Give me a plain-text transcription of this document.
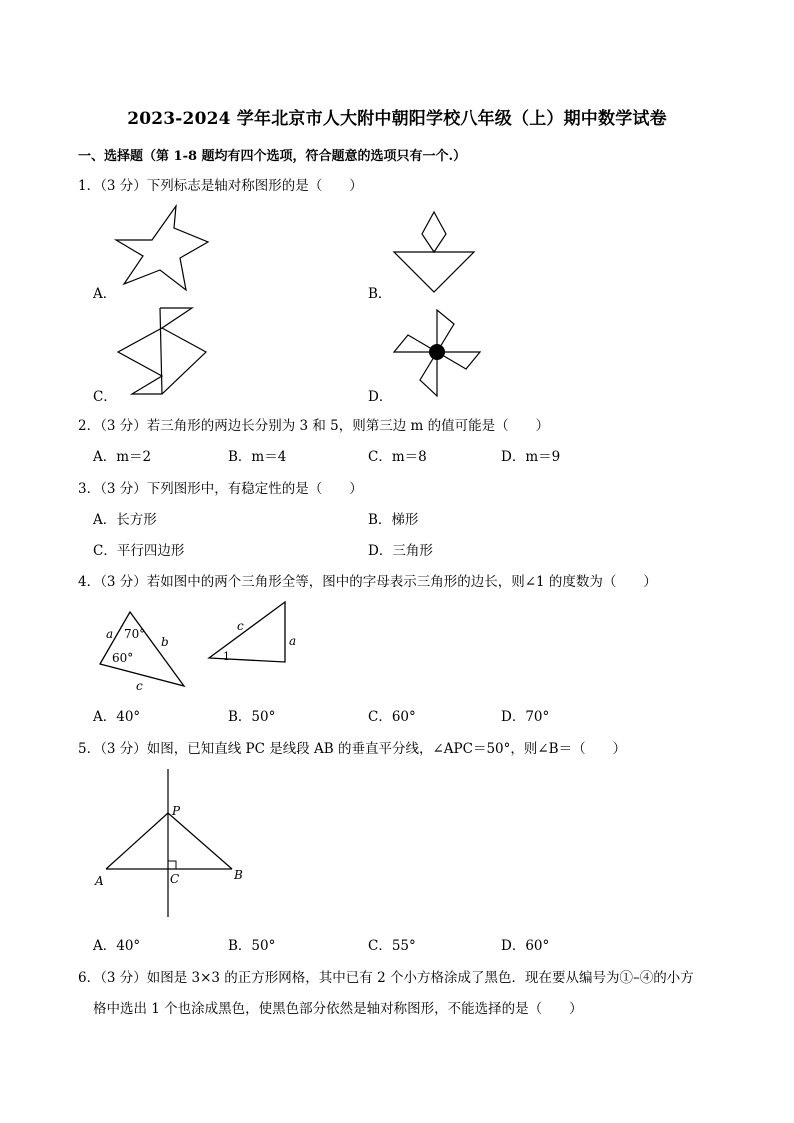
2023-2024 学年北京市人大附中朝阳学校八年级（上）期中数学试卷
一、选择题（第 1-8 题均有四个选项，符合题意的选项只有一个.）
1．（3 分）下列标志是轴对称图形的是（　　）
A．	B．
C．	D．
2．（3 分）若三角形的两边长分别为 3 和 5，则第三边 m 的值可能是（　　）
A．m＝2	B．m＝4	C．m＝8	D．m＝9
3．（3 分）下列图形中，有稳定性的是（　　）
A．长方形	B．梯形
C．平行四边形	D．三角形
4．（3 分）若如图中的两个三角形全等，图中的字母表示三角形的边长，则∠1 的度数为（　　）
a 70°
b
60°
c
c
a
1
A．40°	B．50°	C．60°	D．70°
5．（3 分）如图，已知直线 PC 是线段 AB 的垂直平分线，∠APC＝50°，则∠B＝（　　）
P
A	C	B
A．40°	B．50°	C．55°	D．60°
6．（3 分）如图是 3×3 的正方形网格，其中已有 2 个小方格涂成了黑色．现在要从编号为①–④的小方
格中选出 1 个也涂成黑色，使黑色部分依然是轴对称图形，不能选择的是（　　）
